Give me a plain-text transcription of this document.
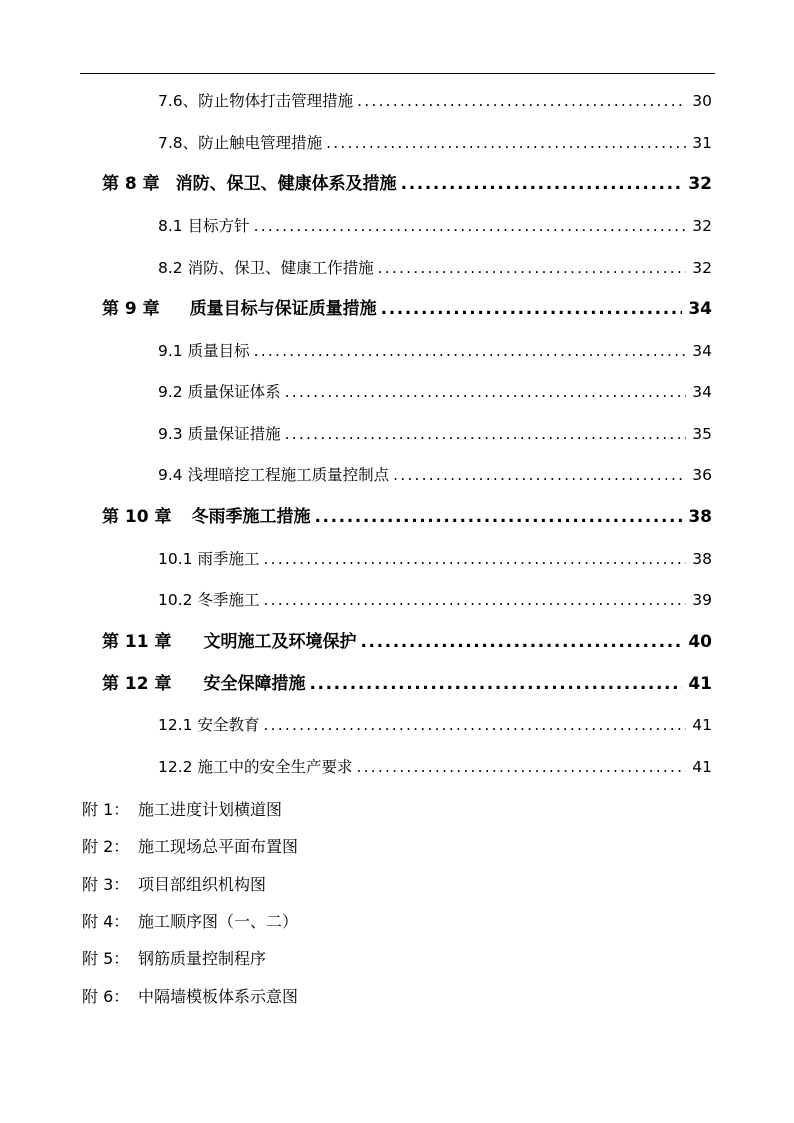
7.6、防止物体打击管理措施 .....	30
7.8、防止触电管理措施 .....	31
第 8 章 消防、保卫、健康体系及措施 .....	32
8.1 目标方针 .....	32
8.2 消防、保卫、健康工作措施 .....	32
第 9 章 质量目标与保证质量措施 .....	34
9.1 质量目标 .....	34
9.2 质量保证体系 .....	34
9.3 质量保证措施 .....	35
9.4 浅埋暗挖工程施工质量控制点 .....	36
第 10 章 冬雨季施工措施 .....	38
10.1 雨季施工 .....	38
10.2 冬季施工 .....	39
第 11 章 文明施工及环境保护 .....	40
第 12 章 安全保障措施 .....	41
12.1 安全教育 .....	41
12.2 施工中的安全生产要求 .....	41
附 1： 施工进度计划横道图
附 2： 施工现场总平面布置图
附 3： 项目部组织机构图
附 4： 施工顺序图（一、二）
附 5： 钢筋质量控制程序
附 6： 中隔墙模板体系示意图
